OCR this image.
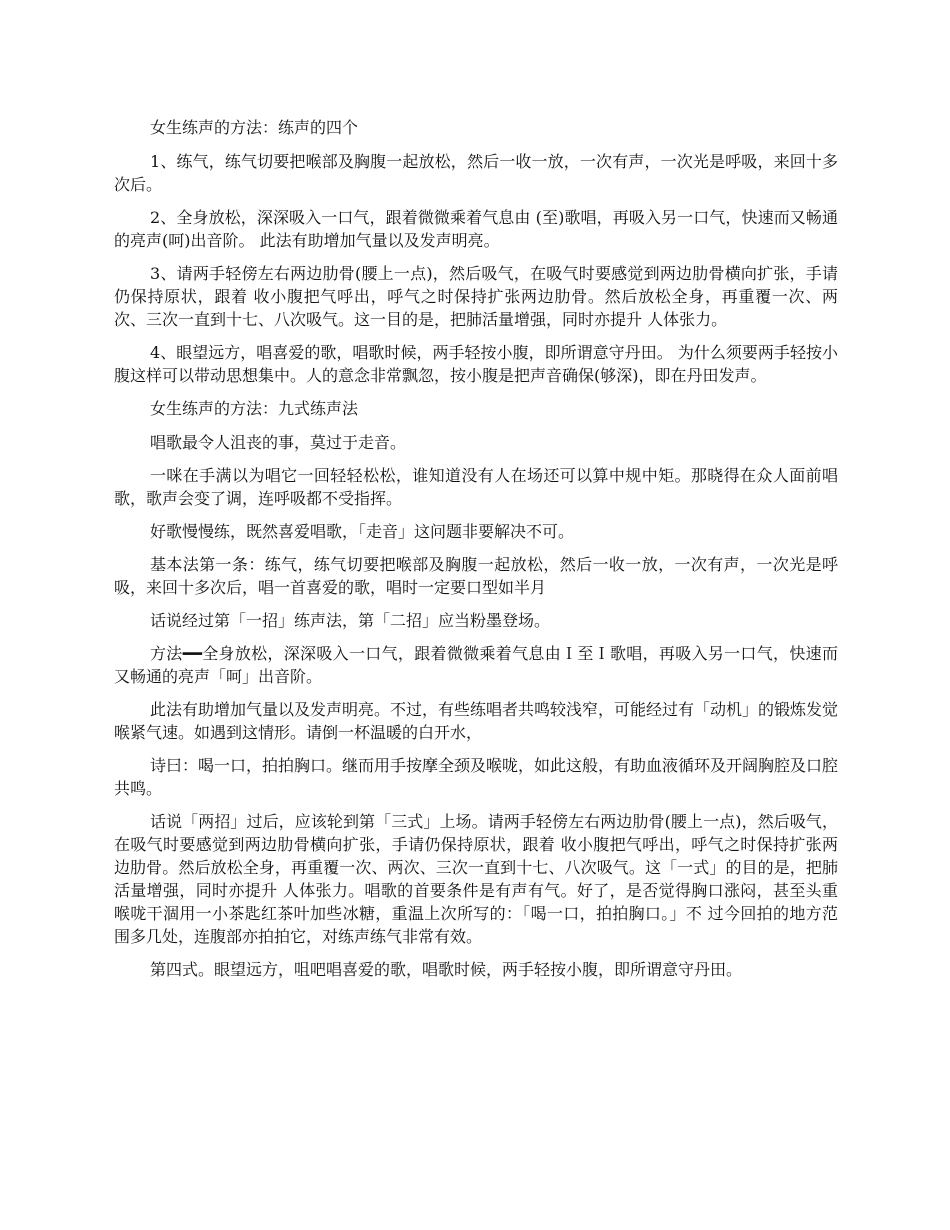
女生练声的方法：练声的四个

1、练气，练气切要把喉部及胸腹一起放松，然后一收一放，一次有声，一次光是呼吸，来回十多次后。

2、全身放松，深深吸入一口气，跟着微微乘着气息由 (至)歌唱，再吸入另一口气，快速而又畅通的亮声(呵)出音阶。 此法有助增加气量以及发声明亮。

3、请两手轻傍左右两边肋骨(腰上一点)，然后吸气，在吸气时要感觉到两边肋骨横向扩张，手请仍保持原状，跟着 收小腹把气呼出，呼气之时保持扩张两边肋骨。然后放松全身，再重覆一次、两次、三次一直到十七、八次吸气。这一目的是，把肺活量增强，同时亦提升 人体张力。

4、眼望远方，唱喜爱的歌，唱歌时候，两手轻按小腹，即所谓意守丹田。 为什么须要两手轻按小腹这样可以带动思想集中。人的意念非常飘忽，按小腹是把声音确保(够深)，即在丹田发声。

女生练声的方法：九式练声法

唱歌最令人沮丧的事，莫过于走音。

一咪在手满以为唱它一回轻轻松松，谁知道没有人在场还可以算中规中矩。那晓得在众人面前唱歌，歌声会变了调，连呼吸都不受指挥。

好歌慢慢练，既然喜爱唱歌，「走音」这问题非要解决不可。

基本法第一条：练气，练气切要把喉部及胸腹一起放松，然后一收一放，一次有声，一次光是呼吸，来回十多次后，唱一首喜爱的歌，唱时一定要口型如半月

话说经过第「一招」练声法，第「二招」应当粉墨登场。

方法━━全身放松，深深吸入一口气，跟着微微乘着气息由Ｉ至Ｉ歌唱，再吸入另一口气，快速而又畅通的亮声「呵」出音阶。

此法有助增加气量以及发声明亮。不过，有些练唱者共鸣较浅窄，可能经过有「动机」的锻炼发觉喉紧气速。如遇到这情形。请倒一杯温暖的白开水，

诗曰：喝一口，拍拍胸口。继而用手按摩全颈及喉咙，如此这般，有助血液循环及开阔胸腔及口腔共鸣。

话说「两招」过后，应该轮到第「三式」上场。请两手轻傍左右两边肋骨(腰上一点)，然后吸气，在吸气时要感觉到两边肋骨横向扩张，手请仍保持原状，跟着 收小腹把气呼出，呼气之时保持扩张两边肋骨。然后放松全身，再重覆一次、两次、三次一直到十七、八次吸气。这「一式」的目的是，把肺活量增强，同时亦提升 人体张力。唱歌的首要条件是有声有气。好了，是否觉得胸口涨闷，甚至头重喉咙干涸用一小茶匙红茶叶加些冰糖，重温上次所写的：「喝一口，拍拍胸口。」不 过今回拍的地方范围多几处，连腹部亦拍拍它，对练声练气非常有效。

第四式。眼望远方，咀吧唱喜爱的歌，唱歌时候，两手轻按小腹，即所谓意守丹田。
